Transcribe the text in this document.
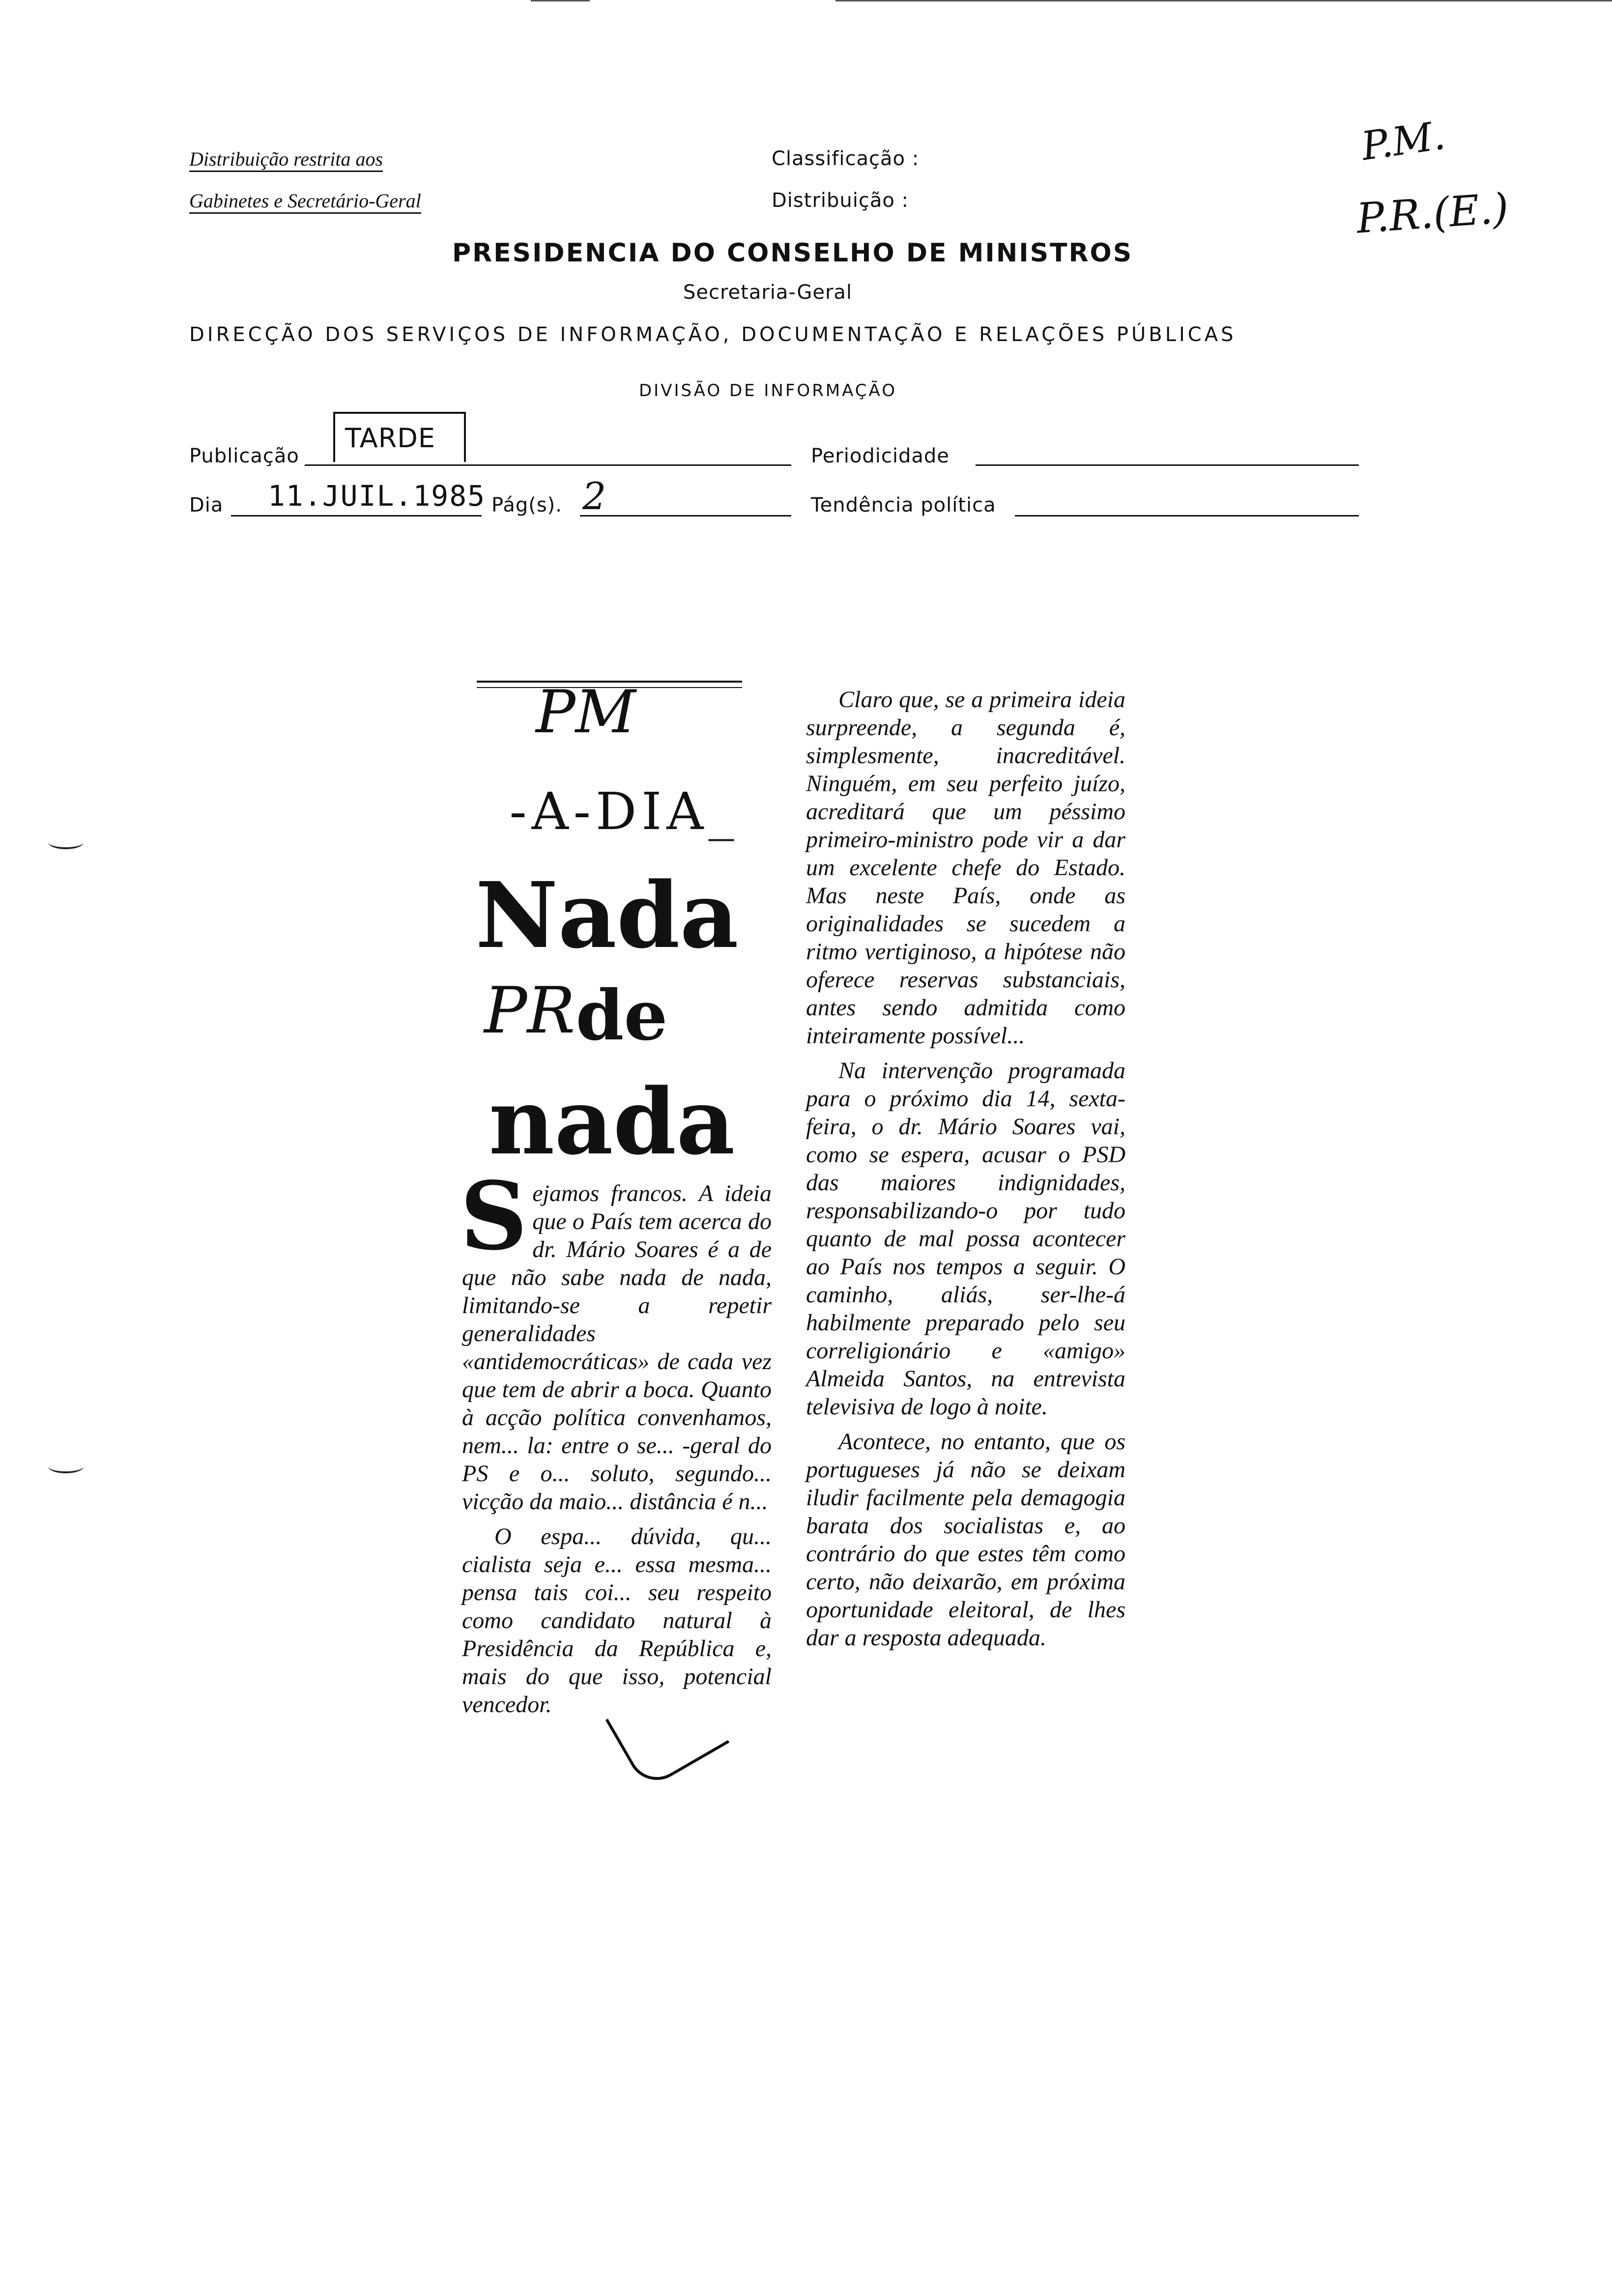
Distribuição restrita aos
Gabinetes e Secretário-Geral
Classificação :
Distribuição :
P.M.
P.R.(E.)
PRESIDENCIA DO CONSELHO DE MINISTROS
Secretaria-Geral
DIRECÇÃO DOS SERVIÇOS DE INFORMAÇÃO, DOCUMENTAÇÃO E RELAÇÕES PÚBLICAS
DIVISÃO DE INFORMAÇÃO
Publicação
TARDE
Periodicidade
Dia 11.JUIL.1985 Pág(s). 2	Tendência política
PM
-A-DIA_
Nada
de
PR
nada

Sejamos francos. A ideia que o País tem acerca do dr. Mário Soares é a de que não sabe nada de nada, limitando-se a repetir generalidades «antidemocráticas» de cada vez que tem de abrir a boca. Quanto à acção política convenhamos, nem... la: entre o se... -geral do PS e o... soluto, segundo... vicção da maio... distância é n...

O espa... dúvida, qu... cialista seja e... essa mesma... pensa tais coi... seu respeito como candidato natural à Presidência da República e, mais do que isso, potencial vencedor.

Claro que, se a primeira ideia surpreende, a segunda é, simplesmente, inacreditável. Ninguém, em seu perfeito juízo, acreditará que um péssimo primeiro-ministro pode vir a dar um excelente chefe do Estado. Mas neste País, onde as originalidades se sucedem a ritmo vertiginoso, a hipótese não oferece reservas substanciais, antes sendo admitida como inteiramente possível...

Na intervenção programada para o próximo dia 14, sexta-feira, o dr. Mário Soares vai, como se espera, acusar o PSD das maiores indignidades, responsabilizando-o por tudo quanto de mal possa acontecer ao País nos tempos a seguir. O caminho, aliás, ser-lhe-á habilmente preparado pelo seu correligionário e «amigo» Almeida Santos, na entrevista televisiva de logo à noite.

Acontece, no entanto, que os portugueses já não se deixam iludir facilmente pela demagogia barata dos socialistas e, ao contrário do que estes têm como certo, não deixarão, em próxima oportunidade eleitoral, de lhes dar a resposta adequada.
